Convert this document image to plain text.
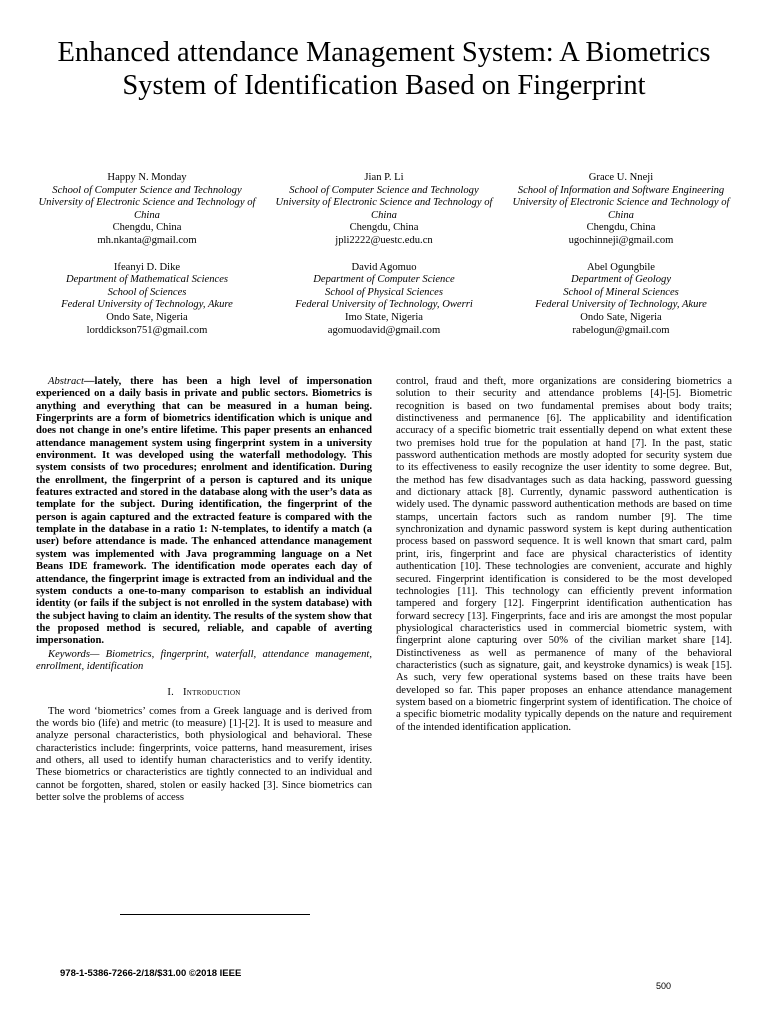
Enhanced attendance Management System: A Biometrics System of Identification Based on Fingerprint
Happy N. Monday
School of Computer Science and Technology
University of Electronic Science and Technology of China
Chengdu, China
mh.nkanta@gmail.com
Jian P. Li
School of Computer Science and Technology
University of Electronic Science and Technology of China
Chengdu, China
jpli2222@uestc.edu.cn
Grace U. Nneji
School of Information and Software Engineering
University of Electronic Science and Technology of China
Chengdu, China
ugochinneji@gmail.com
Ifeanyi D. Dike
Department of Mathematical Sciences
School of Sciences
Federal University of Technology, Akure
Ondo Sate, Nigeria
lorddickson751@gmail.com
David Agomuo
Department of Computer Science
School of Physical Sciences
Federal University of Technology, Owerri
Imo State, Nigeria
agomuodavid@gmail.com
Abel Ogungbile
Department of Geology
School of Mineral Sciences
Federal University of Technology, Akure
Ondo Sate, Nigeria
rabelogun@gmail.com

Abstract—lately, there has been a high level of impersonation experienced on a daily basis in private and public sectors. Biometrics is anything and everything that can be measured in a human being. Fingerprints are a form of biometrics identification which is unique and does not change in one’s entire lifetime. This paper presents an enhanced attendance management system using fingerprint system in a university environment. It was developed using the waterfall methodology. This system consists of two procedures; enrolment and identification. During the enrollment, the fingerprint of a person is captured and its unique features extracted and stored in the database along with the user’s data as template for the subject. During identification, the fingerprint of the person is again captured and the extracted feature is compared with the template in the database in a ratio 1: N-templates, to identify a match (a user) before attendance is made. The enhanced attendance management system was implemented with Java programming language on a Net Beans IDE framework. The identification mode operates each day of attendance, the fingerprint image is extracted from an individual and the system conducts a one-to-many comparison to establish an individual identity (or fails if the subject is not enrolled in the system database) with the subject having to claim an identity. The results of the system show that the proposed method is secured, reliable, and capable of averting impersonation.

Keywords— Biometrics, fingerprint, waterfall, attendance management, enrollment, identification

I. Introduction

The word ‘biometrics’ comes from a Greek language and is derived from the words bio (life) and metric (to measure) [1]-[2]. It is used to measure and analyze personal characteristics, both physiological and behavioral. These characteristics include: fingerprints, voice patterns, hand measurement, irises and others, all used to identify human characteristics and to verify identity. These biometrics or characteristics are tightly connected to an individual and cannot be forgotten, shared, stolen or easily hacked [3]. Since biometrics can better solve the problems of access

control, fraud and theft, more organizations are considering biometrics a solution to their security and attendance problems [4]-[5]. Biometric recognition is based on two fundamental premises about body traits; distinctiveness and permanence [6]. The applicability and identification accuracy of a specific biometric trait essentially depend on what extent these two premises hold true for the population at hand [7]. In the past, static password authentication methods are mostly adopted for security system due to its effectiveness to easily recognize the user identity to some degree. But, the method has few disadvantages such as data hacking, password guessing and dictionary attack [8]. Currently, dynamic password authentication is widely used. The dynamic password authentication methods are based on time stamps, uncertain factors such as random number [9]. The time synchronization and dynamic password system is kept during authentication process based on password sequence. It is well known that smart card, palm print, iris, fingerprint and face are physical characteristics of identity authentication [10]. These technologies are convenient, accurate and highly secured. Fingerprint identification is considered to be the most developed technologies [11]. This technology can efficiently prevent information tampered and forgery [12]. Fingerprint identification authentication has forward secrecy [13]. Fingerprints, face and iris are amongst the most popular physiological characteristics used in commercial biometric system, with fingerprint alone capturing over 50% of the civilian market share [14]. Distinctiveness as well as permanence of many of the behavioral characteristics (such as signature, gait, and keystroke dynamics) is weak [15]. As such, very few operational systems based on these traits have been developed so far. This paper proposes an enhance attendance management system based on a biometric fingerprint system of identification. The choice of a specific biometric modality typically depends on the nature and requirement of the intended identification application.

978-1-5386-7266-2/18/$31.00 ©2018 IEEE
500
